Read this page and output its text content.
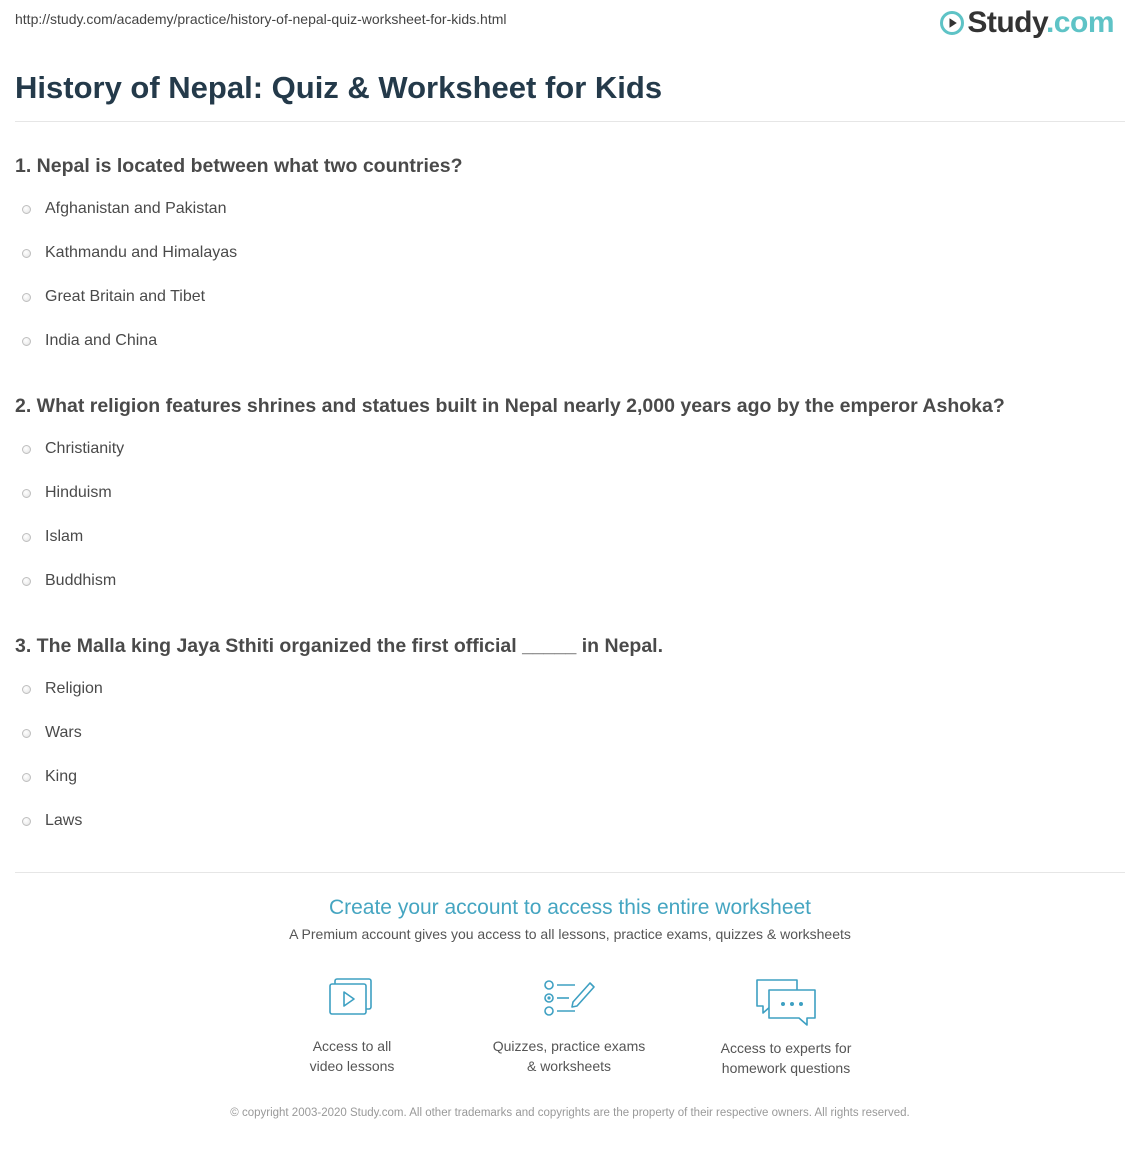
http://study.com/academy/practice/history-of-nepal-quiz-worksheet-for-kids.html	Study.com
History of Nepal: Quiz & Worksheet for Kids
1. Nepal is located between what two countries?
Afghanistan and Pakistan
Kathmandu and Himalayas
Great Britain and Tibet
India and China
2. What religion features shrines and statues built in Nepal nearly 2,000 years ago by the emperor Ashoka?
Christianity
Hinduism
Islam
Buddhism
3. The Malla king Jaya Sthiti organized the first official _____ in Nepal.
Religion
Wars
King
Laws
Create your account to access this entire worksheet
A Premium account gives you access to all lessons, practice exams, quizzes & worksheets
Access to all
video lessons
Quizzes, practice exams
& worksheets
Access to experts for
homework questions
© copyright 2003-2020 Study.com. All other trademarks and copyrights are the property of their respective owners. All rights reserved.
